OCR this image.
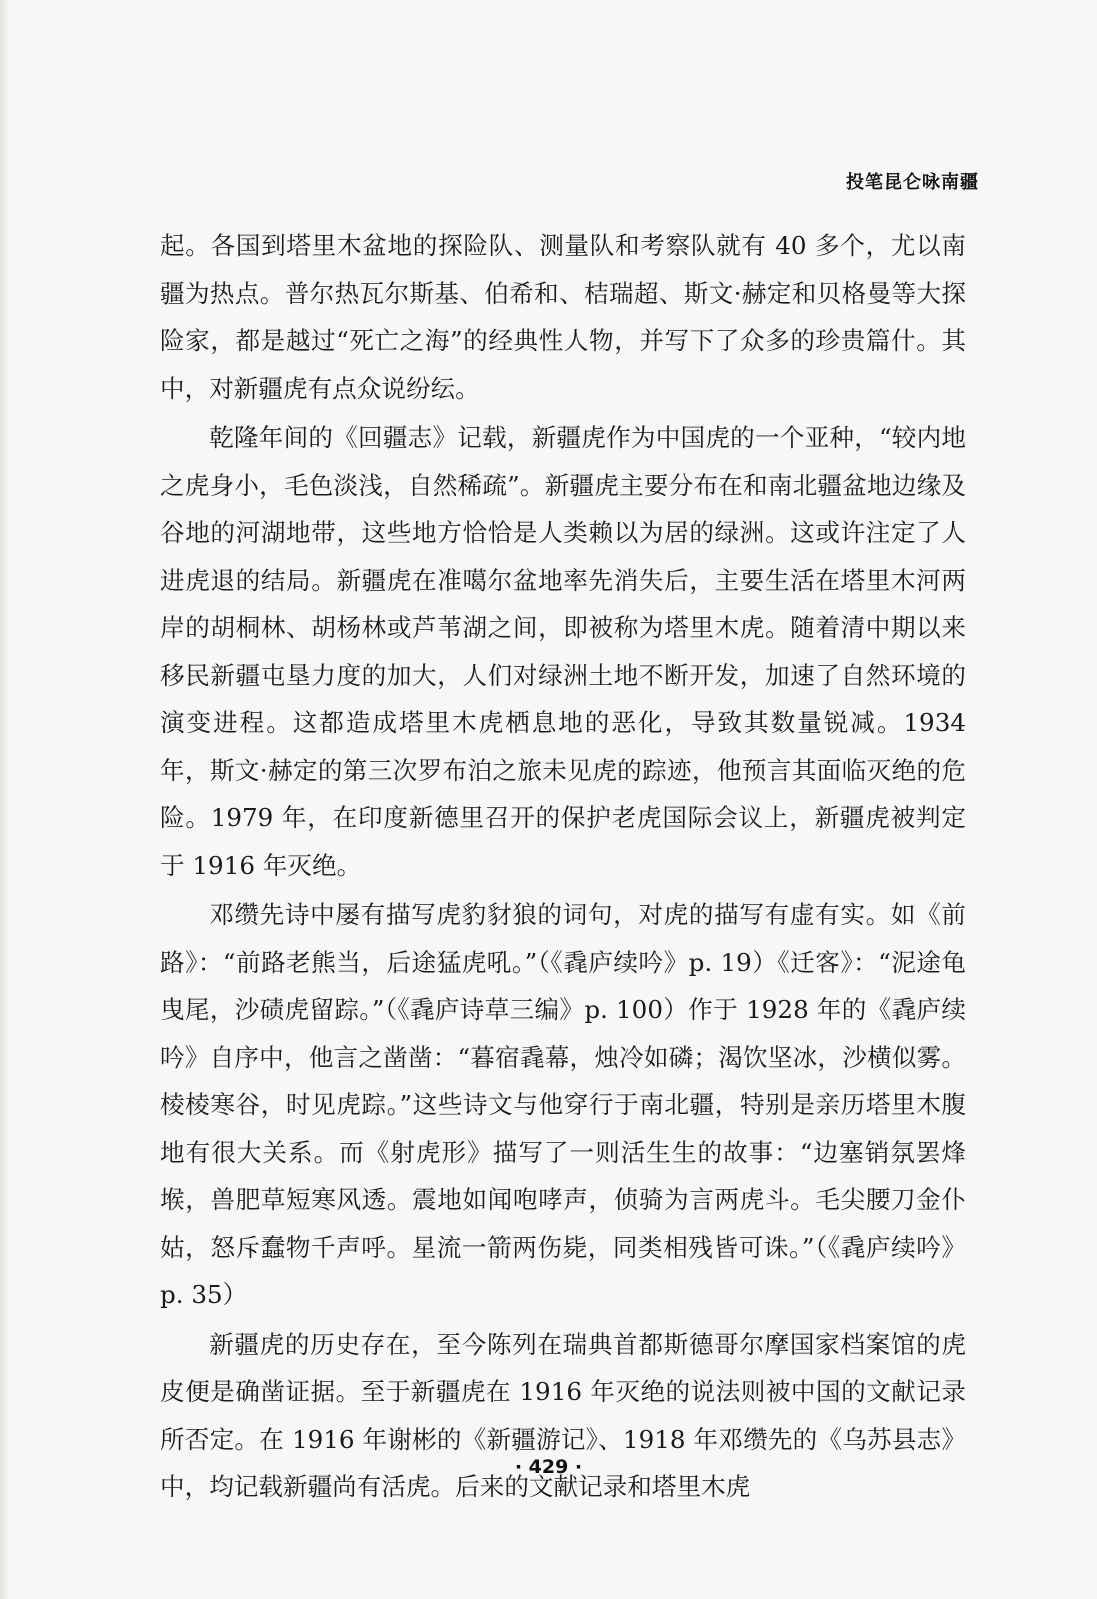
投笔昆仑咏南疆

起。各国到塔里木盆地的探险队、测量队和考察队就有 40 多个，尤以南疆为热点。普尔热瓦尔斯基、伯希和、桔瑞超、斯文·赫定和贝格曼等大探险家，都是越过“死亡之海”的经典性人物，并写下了众多的珍贵篇什。其中，对新疆虎有点众说纷纭。

乾隆年间的《回疆志》记载，新疆虎作为中国虎的一个亚种，“较内地之虎身小，毛色淡浅，自然稀疏”。新疆虎主要分布在和南北疆盆地边缘及谷地的河湖地带，这些地方恰恰是人类赖以为居的绿洲。这或许注定了人进虎退的结局。新疆虎在准噶尔盆地率先消失后，主要生活在塔里木河两岸的胡桐林、胡杨林或芦苇湖之间，即被称为塔里木虎。随着清中期以来移民新疆屯垦力度的加大，人们对绿洲土地不断开发，加速了自然环境的演变进程。这都造成塔里木虎栖息地的恶化，导致其数量锐减。1934 年，斯文·赫定的第三次罗布泊之旅未见虎的踪迹，他预言其面临灭绝的危险。1979 年，在印度新德里召开的保护老虎国际会议上，新疆虎被判定于 1916 年灭绝。

邓缵先诗中屡有描写虎豹豺狼的词句，对虎的描写有虚有实。如《前路》：“前路老熊当，后途猛虎吼。”（《毳庐续吟》p. 19）《迁客》：“泥途龟曳尾，沙碛虎留踪。”（《毳庐诗草三编》p. 100）作于 1928 年的《毳庐续吟》自序中，他言之凿凿：“暮宿毳幕，烛冷如磷；渴饮坚冰，沙横似雾。棱棱寒谷，时见虎踪。”这些诗文与他穿行于南北疆，特别是亲历塔里木腹地有很大关系。而《射虎形》描写了一则活生生的故事：“边塞销氛罢烽堠，兽肥草短寒风透。震地如闻咆哮声，侦骑为言两虎斗。毛尖腰刀金仆姑，怒斥蠢物千声呼。星流一箭两伤毙，同类相残皆可诛。”（《毳庐续吟》p. 35）

新疆虎的历史存在，至今陈列在瑞典首都斯德哥尔摩国家档案馆的虎皮便是确凿证据。至于新疆虎在 1916 年灭绝的说法则被中国的文献记录所否定。在 1916 年谢彬的《新疆游记》、1918 年邓缵先的《乌苏县志》中，均记载新疆尚有活虎。后来的文献记录和塔里木虎

· 429 ·
